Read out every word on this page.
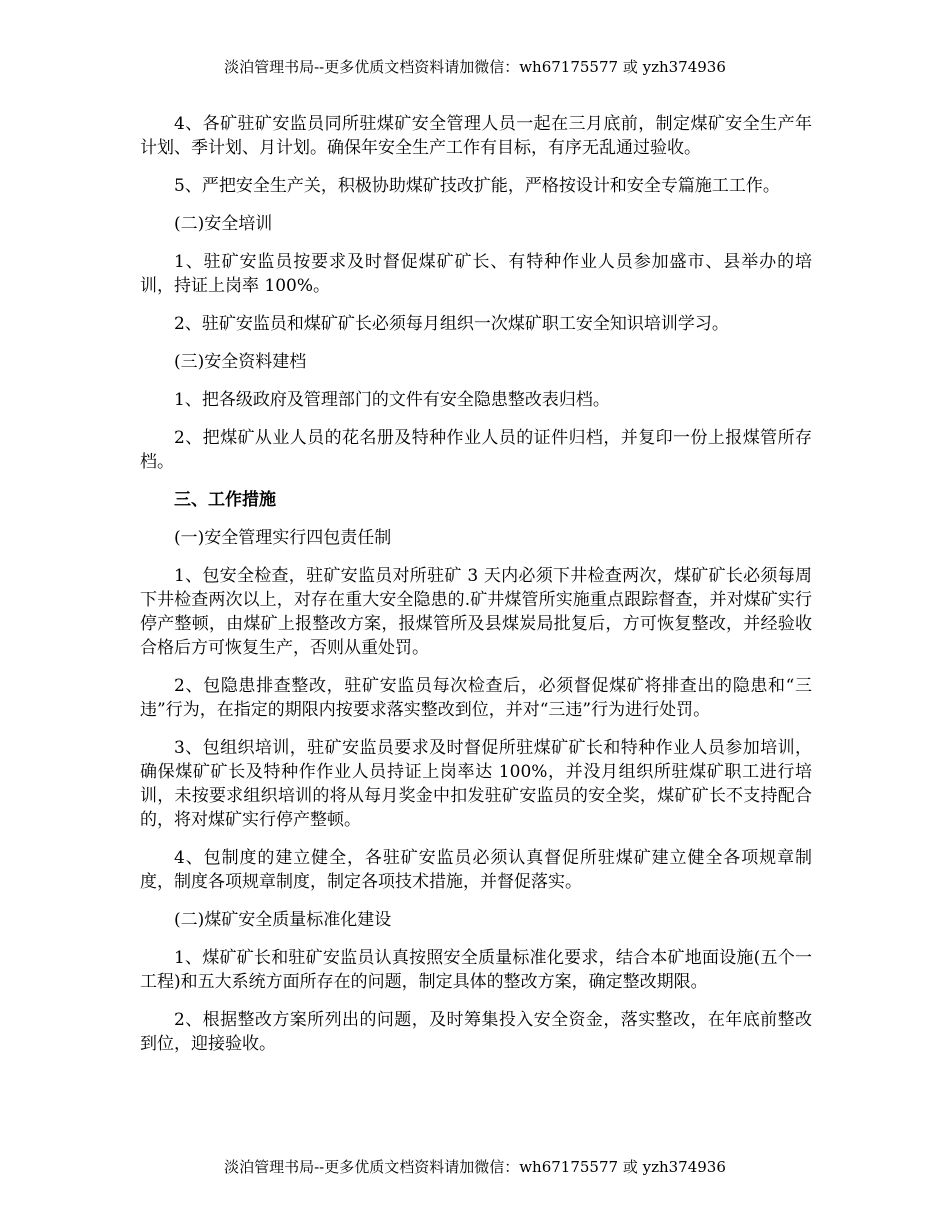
淡泊管理书局--更多优质文档资料请加微信：wh67175577 或 yzh374936

4、各矿驻矿安监员同所驻煤矿安全管理人员一起在三月底前，制定煤矿安全生产年计划、季计划、月计划。确保年安全生产工作有目标，有序无乱通过验收。

5、严把安全生产关，积极协助煤矿技改扩能，严格按设计和安全专篇施工工作。

(二)安全培训

1、驻矿安监员按要求及时督促煤矿矿长、有特种作业人员参加盛市、县举办的培训，持证上岗率 100%。

2、驻矿安监员和煤矿矿长必须每月组织一次煤矿职工安全知识培训学习。

(三)安全资料建档

1、把各级政府及管理部门的文件有安全隐患整改表归档。

2、把煤矿从业人员的花名册及特种作业人员的证件归档，并复印一份上报煤管所存档。

三、工作措施

(一)安全管理实行四包责任制

1、包安全检查，驻矿安监员对所驻矿 3 天内必须下井检查两次，煤矿矿长必须每周下井检查两次以上，对存在重大安全隐患的.矿井煤管所实施重点跟踪督查，并对煤矿实行停产整顿，由煤矿上报整改方案，报煤管所及县煤炭局批复后，方可恢复整改，并经验收合格后方可恢复生产，否则从重处罚。

2、包隐患排查整改，驻矿安监员每次检查后，必须督促煤矿将排查出的隐患和“三违”行为，在指定的期限内按要求落实整改到位，并对“三违”行为进行处罚。

3、包组织培训，驻矿安监员要求及时督促所驻煤矿矿长和特种作业人员参加培训，确保煤矿矿长及特种作作业人员持证上岗率达 100%，并没月组织所驻煤矿职工进行培训，未按要求组织培训的将从每月奖金中扣发驻矿安监员的安全奖，煤矿矿长不支持配合的，将对煤矿实行停产整顿。

4、包制度的建立健全，各驻矿安监员必须认真督促所驻煤矿建立健全各项规章制度，制度各项规章制度，制定各项技术措施，并督促落实。

(二)煤矿安全质量标准化建设

1、煤矿矿长和驻矿安监员认真按照安全质量标准化要求，结合本矿地面设施(五个一工程)和五大系统方面所存在的问题，制定具体的整改方案，确定整改期限。

2、根据整改方案所列出的问题，及时筹集投入安全资金，落实整改，在年底前整改到位，迎接验收。

淡泊管理书局--更多优质文档资料请加微信：wh67175577 或 yzh374936
